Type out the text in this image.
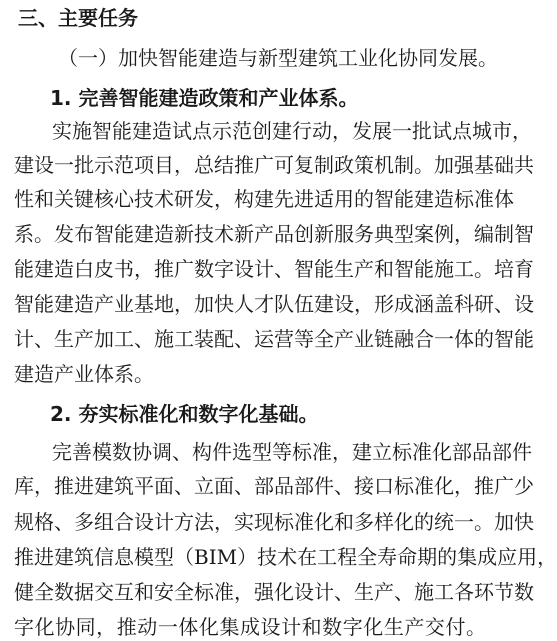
三、主要任务
（一）加快智能建造与新型建筑工业化协同发展。
1. 完善智能建造政策和产业体系。
实施智能建造试点示范创建行动，发展一批试点城市，
建设一批示范项目，总结推广可复制政策机制。加强基础共
性和关键核心技术研发，构建先进适用的智能建造标准体
系。发布智能建造新技术新产品创新服务典型案例，编制智
能建造白皮书，推广数字设计、智能生产和智能施工。培育
智能建造产业基地，加快人才队伍建设，形成涵盖科研、设
计、生产加工、施工装配、运营等全产业链融合一体的智能
建造产业体系。
2. 夯实标准化和数字化基础。
完善模数协调、构件选型等标准，建立标准化部品部件
库，推进建筑平面、立面、部品部件、接口标准化，推广少
规格、多组合设计方法，实现标准化和多样化的统一。加快
推进建筑信息模型（BIM）技术在工程全寿命期的集成应用，
健全数据交互和安全标准，强化设计、生产、施工各环节数
字化协同，推动一体化集成设计和数字化生产交付。
